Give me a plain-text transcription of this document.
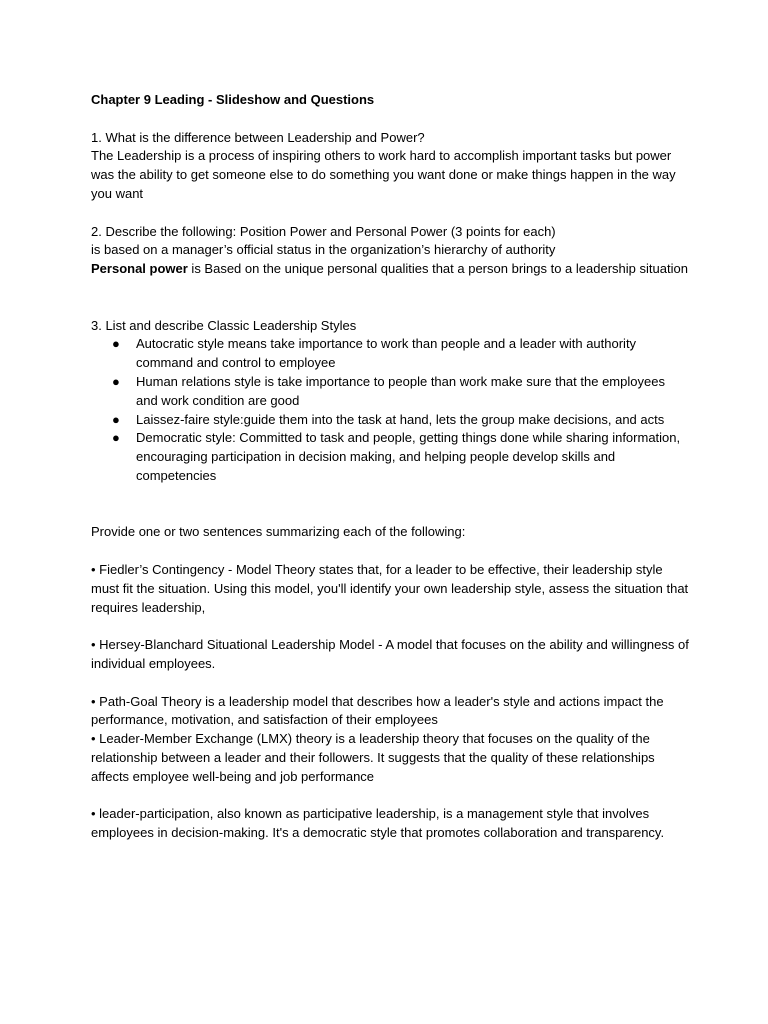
Chapter 9 Leading - Slideshow and Questions

1. What is the difference between Leadership and Power?

The Leadership is a process of inspiring others to work hard to accomplish important tasks but power was the ability to get someone else to do something you want done or make things happen in the way you want

2. Describe the following: Position Power and Personal Power (3 points for each)

is based on a manager’s official status in the organization’s hierarchy of authority

Personal power is Based on the unique personal qualities that a person brings to a leadership situation

3. List and describe Classic Leadership Styles

● Autocratic style means take importance to work than people and a leader with authority command and control to employee
● Human relations style is take importance to people than work make sure that the employees and work condition are good
● Laissez-faire style:guide them into the task at hand, lets the group make decisions, and acts
● Democratic style: Committed to task and people, getting things done while sharing information, encouraging participation in decision making, and helping people develop skills and competencies

Provide one or two sentences summarizing each of the following:

• Fiedler’s Contingency - Model Theory states that, for a leader to be effective, their leadership style must fit the situation. Using this model, you'll identify your own leadership style, assess the situation that requires leadership,

• Hersey-Blanchard Situational Leadership Model - A model that focuses on the ability and willingness of individual employees.

• Path-Goal Theory is a leadership model that describes how a leader's style and actions impact the performance, motivation, and satisfaction of their employees

• Leader-Member Exchange (LMX) theory is a leadership theory that focuses on the quality of the relationship between a leader and their followers. It suggests that the quality of these relationships affects employee well-being and job performance

• leader-participation, also known as participative leadership, is a management style that involves employees in decision-making. It's a democratic style that promotes collaboration and transparency.
